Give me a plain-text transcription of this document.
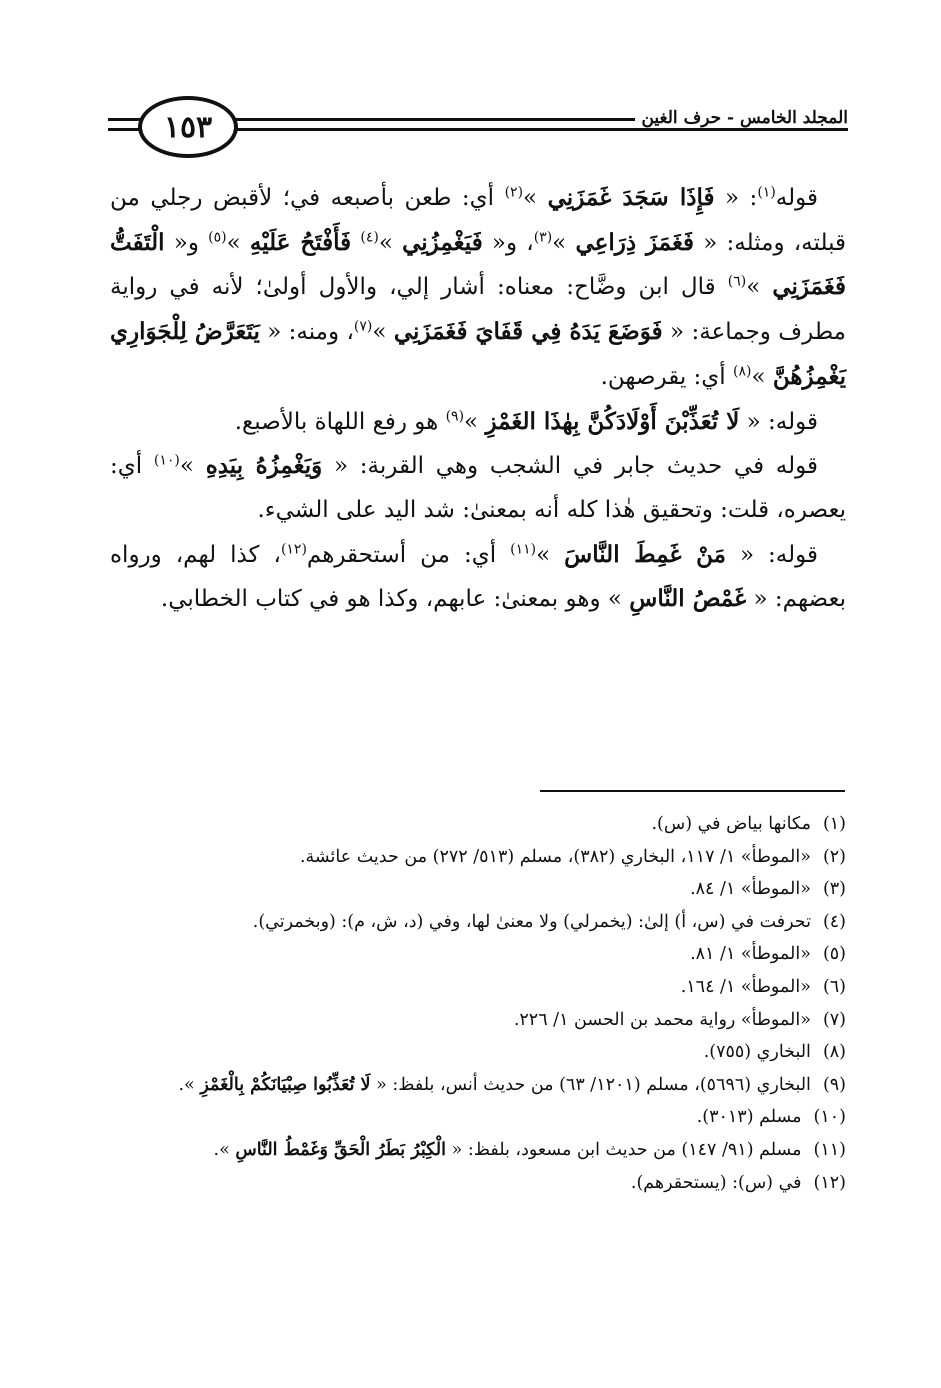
١٥٣	المجلد الخامس - حرف الغين

قوله$^{(١)}$: « فَإِذَا سَجَدَ غَمَزَنِي »$^{(٢)}$ أي: طعن بأصبعه في؛ لأقبض رجلي من قبلته، ومثله: « فَغَمَزَ ذِرَاعِي »$^{(٣)}$، و« فَيَغْمِزُنِي »$^{(٤)}$ فَأَفْتَحُ عَلَيْهِ »$^{(٥)}$ و« الْتَفَتُّ فَغَمَزَنِي »$^{(٦)}$ قال ابن وضَّاح: معناه: أشار إلي، والأول أولىٰ؛ لأنه في رواية مطرف وجماعة: « فَوَضَعَ يَدَهُ فِي قَفَايَ فَغَمَزَنِي »$^{(٧)}$، ومنه: « يَتَعَرَّضُ لِلْجَوَارِي يَغْمِزُهُنَّ »$^{(٨)}$ أي: يقرصهن.

قوله: « لَا تُعَذِّبْنَ أَوْلَادَكُنَّ بِهٰذَا الغَمْزِ »$^{(٩)}$ هو رفع اللهاة بالأصبع.

قوله في حديث جابر في الشجب وهي القربة: « وَيَغْمِزُهُ بِيَدِهِ »$^{(١٠)}$ أي: يعصره، قلت: وتحقيق هٰذا كله أنه بمعنىٰ: شد اليد على الشيء.

قوله: « مَنْ غَمِطَ النَّاسَ »$^{(١١)}$ أي: من أستحقرهم$^{(١٢)}$، كذا لهم، ورواه بعضهم: « غَمْصُ النَّاسِ » وهو بمعنىٰ: عابهم، وكذا هو في كتاب الخطابي.

(١)
مكانها بياض في (س).
(٢)
«الموطأ» ١/ ١١٧، البخاري (٣٨٢)، مسلم (٥١٣/ ٢٧٢) من حديث عائشة.
(٣)
«الموطأ» ١/ ٨٤.
(٤)
تحرفت في (س، أ) إلىٰ: (يخمرلي) ولا معنىٰ لها، وفي (د، ش، م): (وبخمرتي).
(٥)
«الموطأ» ١/ ٨١.
(٦)
«الموطأ» ١/ ١٦٤.
(٧)
«الموطأ» رواية محمد بن الحسن ١/ ٢٢٦.
(٨)
البخاري (٧٥٥).
(٩)
البخاري (٥٦٩٦)، مسلم (١٢٠١/ ٦٣) من حديث أنس، بلفظ: « لَا تُعَذِّبُوا صِبْيَانَكُمْ بِالْغَمْزِ ».
(١٠)
مسلم (٣٠١٣).
(١١)
مسلم (٩١/ ١٤٧) من حديث ابن مسعود، بلفظ: « الْكِبْرُ بَطَرُ الْحَقِّ وَغَمْطُ النَّاسِ ».
(١٢)
في (س): (يستحقرهم).
